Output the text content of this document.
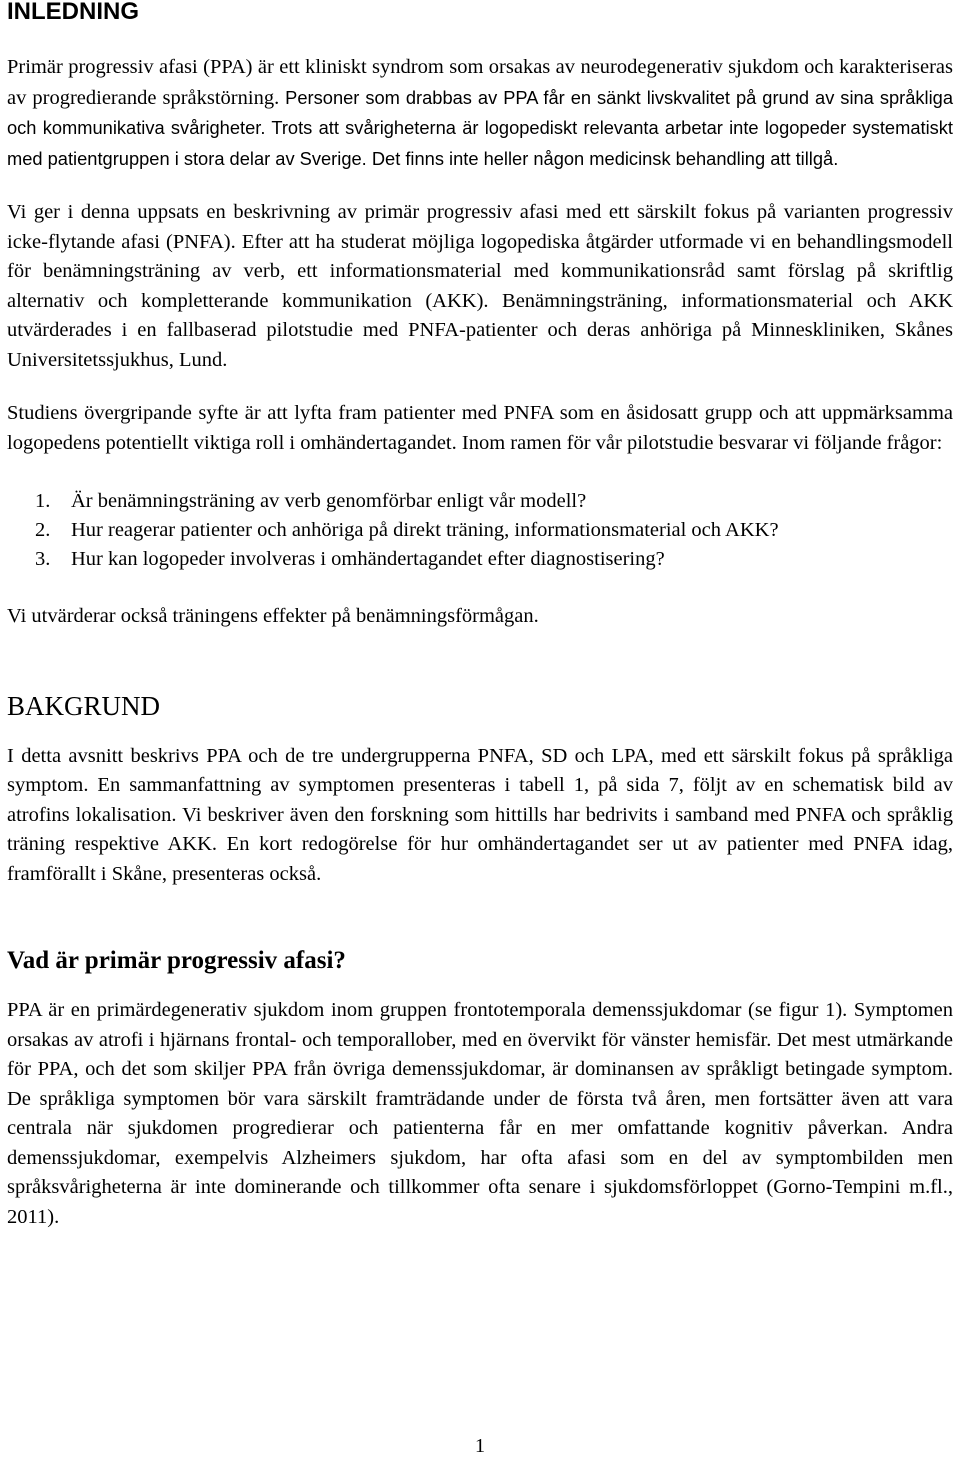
INLEDNING

Primär progressiv afasi (PPA) är ett kliniskt syndrom som orsakas av neurodegenerativ sjukdom och karakteriseras av progredierande språkstörning. Personer som drabbas av PPA får en sänkt livskvalitet på grund av sina språkliga och kommunikativa svårigheter. Trots att svårigheterna är logopediskt relevanta arbetar inte logopeder systematiskt med patientgruppen i stora delar av Sverige. Det finns inte heller någon medicinsk behandling att tillgå.

Vi ger i denna uppsats en beskrivning av primär progressiv afasi med ett särskilt fokus på varianten progressiv icke-flytande afasi (PNFA). Efter att ha studerat möjliga logopediska åtgärder utformade vi en behandlingsmodell för benämningsträning av verb, ett informationsmaterial med kommunikationsråd samt förslag på skriftlig alternativ och kompletterande kommunikation (AKK). Benämningsträning, informationsmaterial och AKK utvärderades i en fallbaserad pilotstudie med PNFA-patienter och deras anhöriga på Minneskliniken, Skånes Universitetssjukhus, Lund.

Studiens övergripande syfte är att lyfta fram patienter med PNFA som en åsidosatt grupp och att uppmärksamma logopedens potentiellt viktiga roll i omhändertagandet. Inom ramen för vår pilotstudie besvarar vi följande frågor:

1.	Är benämningsträning av verb genomförbar enligt vår modell?
2.	Hur reagerar patienter och anhöriga på direkt träning, informationsmaterial och AKK?
3.	Hur kan logopeder involveras i omhändertagandet efter diagnostisering?

Vi utvärderar också träningens effekter på benämningsförmågan.

BAKGRUND

I detta avsnitt beskrivs PPA och de tre undergrupperna PNFA, SD och LPA, med ett särskilt fokus på språkliga symptom. En sammanfattning av symptomen presenteras i tabell 1, på sida 7, följt av en schematisk bild av atrofins lokalisation. Vi beskriver även den forskning som hittills har bedrivits i samband med PNFA och språklig träning respektive AKK. En kort redogörelse för hur omhändertagandet ser ut av patienter med PNFA idag, framförallt i Skåne, presenteras också.

Vad är primär progressiv afasi?

PPA är en primärdegenerativ sjukdom inom gruppen frontotemporala demenssjukdomar (se figur 1). Symptomen orsakas av atrofi i hjärnans frontal- och temporallober, med en övervikt för vänster hemisfär. Det mest utmärkande för PPA, och det som skiljer PPA från övriga demenssjukdomar, är dominansen av språkligt betingade symptom. De språkliga symptomen bör vara särskilt framträdande under de första två åren, men fortsätter även att vara centrala när sjukdomen progredierar och patienterna får en mer omfattande kognitiv påverkan. Andra demenssjukdomar, exempelvis Alzheimers sjukdom, har ofta afasi som en del av symptombilden men språksvårigheterna är inte dominerande och tillkommer ofta senare i sjukdomsförloppet (Gorno-Tempini m.fl., 2011).

1
